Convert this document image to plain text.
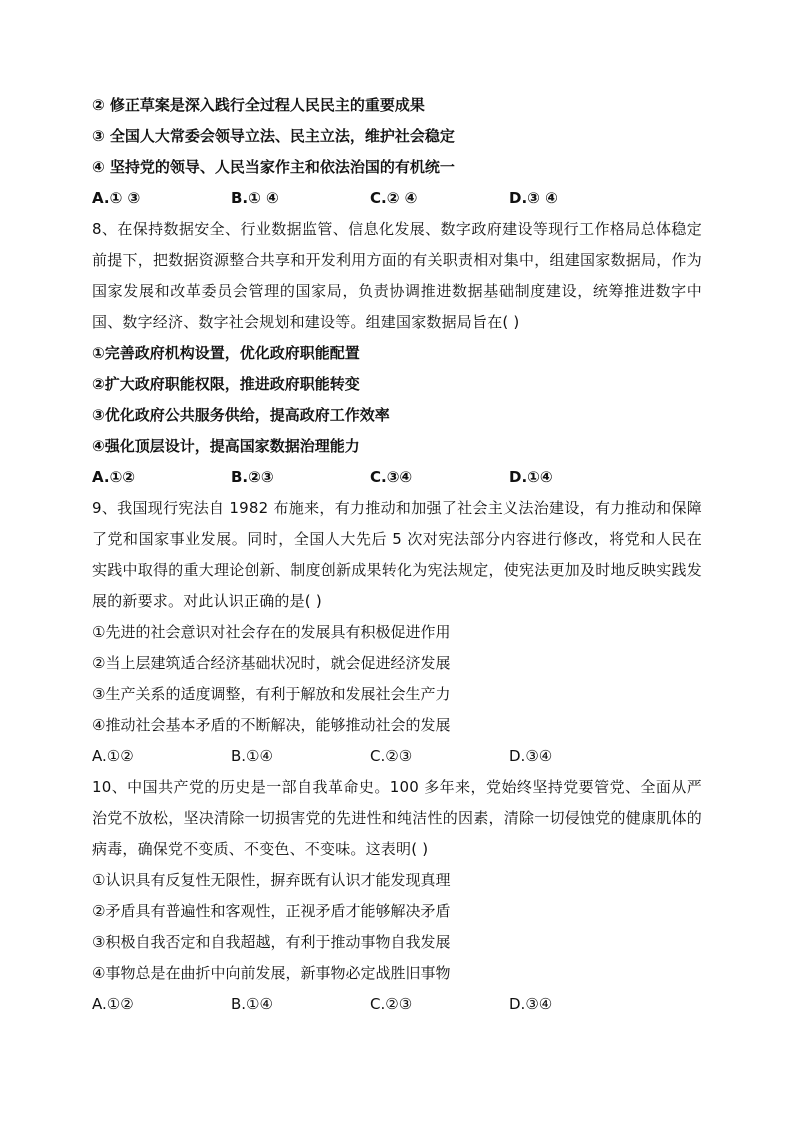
② 修正草案是深入践行全过程人民民主的重要成果
③ 全国人大常委会领导立法、民主立法，维护社会稳定
④ 坚持党的领导、人民当家作主和依法治国的有机统一
A.① ③	B.① ④	C.② ④	D.③ ④
8、在保持数据安全、行业数据监管、信息化发展、数字政府建设等现行工作格局总体稳定前提下，把数据资源整合共享和开发利用方面的有关职责相对集中，组建国家数据局，作为国家发展和改革委员会管理的国家局，负责协调推进数据基础制度建设，统筹推进数字中国、数字经济、数字社会规划和建设等。组建国家数据局旨在( )
①完善政府机构设置，优化政府职能配置
②扩大政府职能权限，推进政府职能转变
③优化政府公共服务供给，提高政府工作效率
④强化顶层设计，提高国家数据治理能力
A.①②	B.②③	C.③④	D.①④
9、我国现行宪法自 1982 布施来，有力推动和加强了社会主义法治建设，有力推动和保障了党和国家事业发展。同时，全国人大先后 5 次对宪法部分内容进行修改，将党和人民在实践中取得的重大理论创新、制度创新成果转化为宪法规定，使宪法更加及时地反映实践发展的新要求。对此认识正确的是( )
①先进的社会意识对社会存在的发展具有积极促进作用
②当上层建筑适合经济基础状况时，就会促进经济发展
③生产关系的适度调整，有利于解放和发展社会生产力
④推动社会基本矛盾的不断解决，能够推动社会的发展
A.①②	B.①④	C.②③	D.③④
10、中国共产党的历史是一部自我革命史。100 多年来，党始终坚持党要管党、全面从严治党不放松，坚决清除一切损害党的先进性和纯洁性的因素，清除一切侵蚀党的健康肌体的病毒，确保党不变质、不变色、不变味。这表明( )
①认识具有反复性无限性，摒弃既有认识才能发现真理
②矛盾具有普遍性和客观性，正视矛盾才能够解决矛盾
③积极自我否定和自我超越，有利于推动事物自我发展
④事物总是在曲折中向前发展，新事物必定战胜旧事物
A.①②	B.①④	C.②③	D.③④
